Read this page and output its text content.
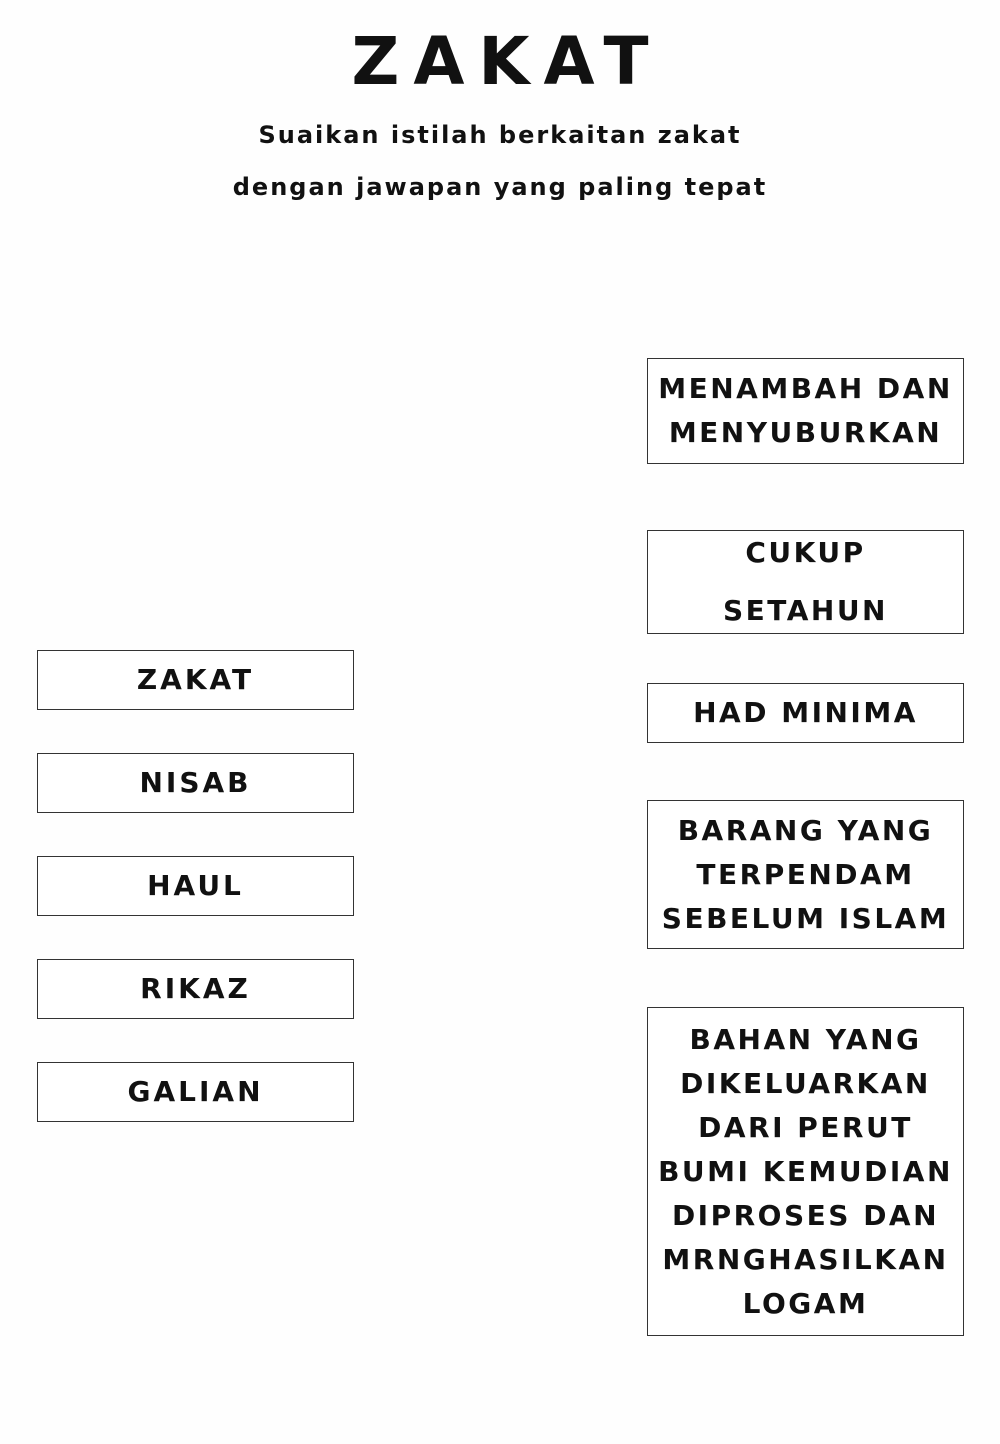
ZAKAT
Suaikan istilah berkaitan zakat
dengan jawapan yang paling tepat
ZAKAT
NISAB
HAUL
RIKAZ
GALIAN
MENAMBAH DAN
MENYUBURKAN
CUKUP
SETAHUN
HAD MINIMA
BARANG YANG
TERPENDAM
SEBELUM ISLAM
BAHAN YANG
DIKELUARKAN
DARI PERUT
BUMI KEMUDIAN
DIPROSES DAN
MRNGHASILKAN
LOGAM
